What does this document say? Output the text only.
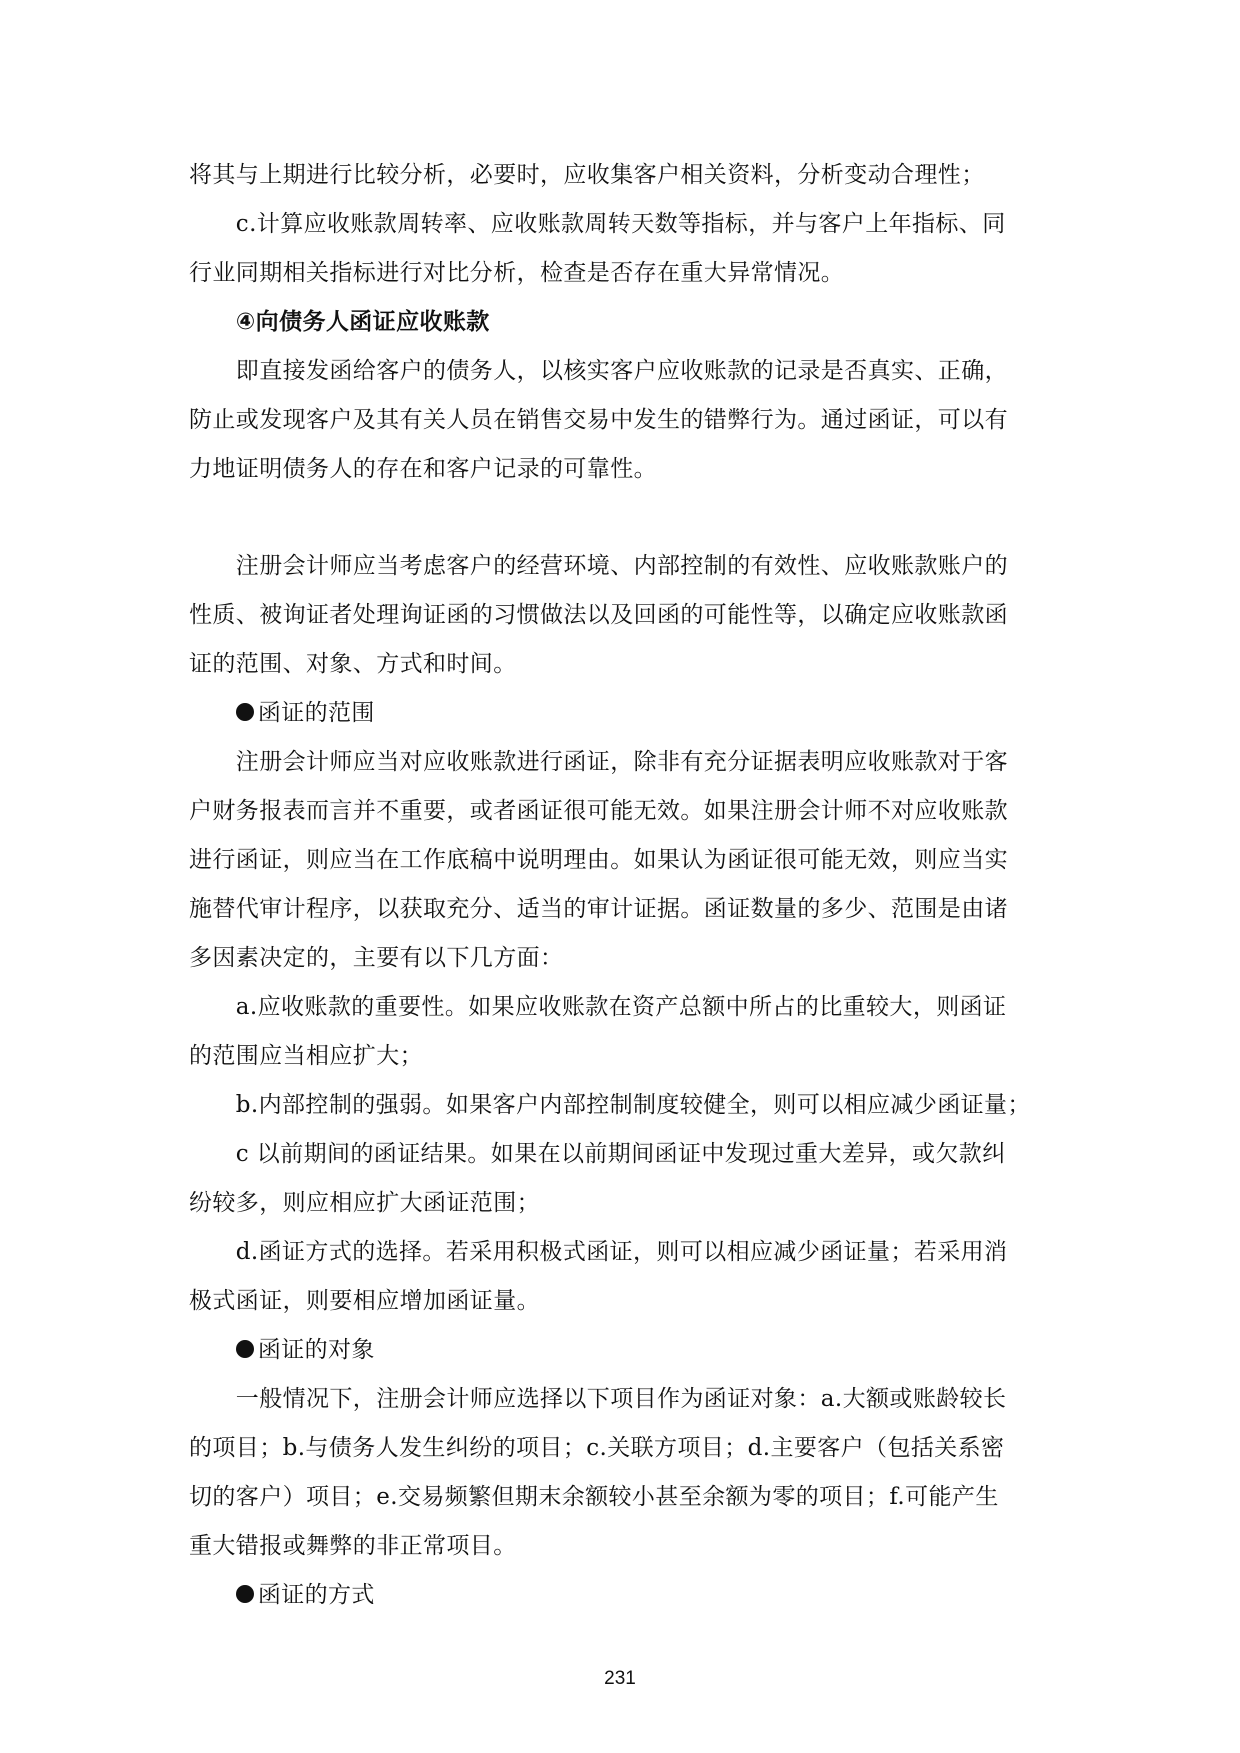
将其与上期进行比较分析，必要时，应收集客户相关资料，分析变动合理性；
　　c.计算应收账款周转率、应收账款周转天数等指标，并与客户上年指标、同
行业同期相关指标进行对比分析，检查是否存在重大异常情况。
　　④向债务人函证应收账款
　　即直接发函给客户的债务人，以核实客户应收账款的记录是否真实、正确，
防止或发现客户及其有关人员在销售交易中发生的错弊行为。通过函证，可以有
力地证明债务人的存在和客户记录的可靠性。
　　注册会计师应当考虑客户的经营环境、内部控制的有效性、应收账款账户的
性质、被询证者处理询证函的习惯做法以及回函的可能性等，以确定应收账款函
证的范围、对象、方式和时间。
　　函证的范围
　　注册会计师应当对应收账款进行函证，除非有充分证据表明应收账款对于客
户财务报表而言并不重要，或者函证很可能无效。如果注册会计师不对应收账款
进行函证，则应当在工作底稿中说明理由。如果认为函证很可能无效，则应当实
施替代审计程序，以获取充分、适当的审计证据。函证数量的多少、范围是由诸
多因素决定的，主要有以下几方面：
　　a.应收账款的重要性。如果应收账款在资产总额中所占的比重较大，则函证
的范围应当相应扩大；
　　b.内部控制的强弱。如果客户内部控制制度较健全，则可以相应减少函证量；
　　c 以前期间的函证结果。如果在以前期间函证中发现过重大差异，或欠款纠
纷较多，则应相应扩大函证范围；
　　d.函证方式的选择。若采用积极式函证，则可以相应减少函证量；若采用消
极式函证，则要相应增加函证量。
　　函证的对象
　　一般情况下，注册会计师应选择以下项目作为函证对象：a.大额或账龄较长
的项目；b.与债务人发生纠纷的项目；c.关联方项目；d.主要客户（包括关系密
切的客户）项目；e.交易频繁但期末余额较小甚至余额为零的项目；f.可能产生
重大错报或舞弊的非正常项目。
　　函证的方式
231
